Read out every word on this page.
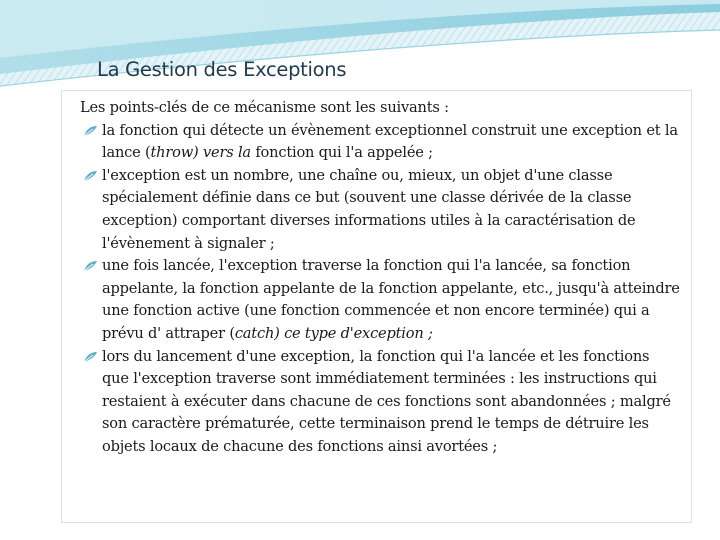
La Gestion des Exceptions

Les points-clés de ce mécanisme sont les suivants :

la fonction qui détecte un évènement exceptionnel construit une exception et la lance (throw) vers la fonction qui l'a appelée ;
l'exception est un nombre, une chaîne ou, mieux, un objet d'une classe spécialement définie dans ce but (souvent une classe dérivée de la classe exception) comportant diverses informations utiles à la caractérisation de l'évènement à signaler ;
une fois lancée, l'exception traverse la fonction qui l'a lancée, sa fonction appelante, la fonction appelante de la fonction appelante, etc., jusqu'à atteindre une fonction active (une fonction commencée et non encore terminée) qui a prévu d' attraper (catch) ce type d'exception ;
lors du lancement d'une exception, la fonction qui l'a lancée et les fonctions que l'exception traverse sont immédiatement terminées : les instructions qui restaient à exécuter dans chacune de ces fonctions sont abandonnées ; malgré son caractère prématurée, cette terminaison prend le temps de détruire les objets locaux de chacune des fonctions ainsi avortées ;
